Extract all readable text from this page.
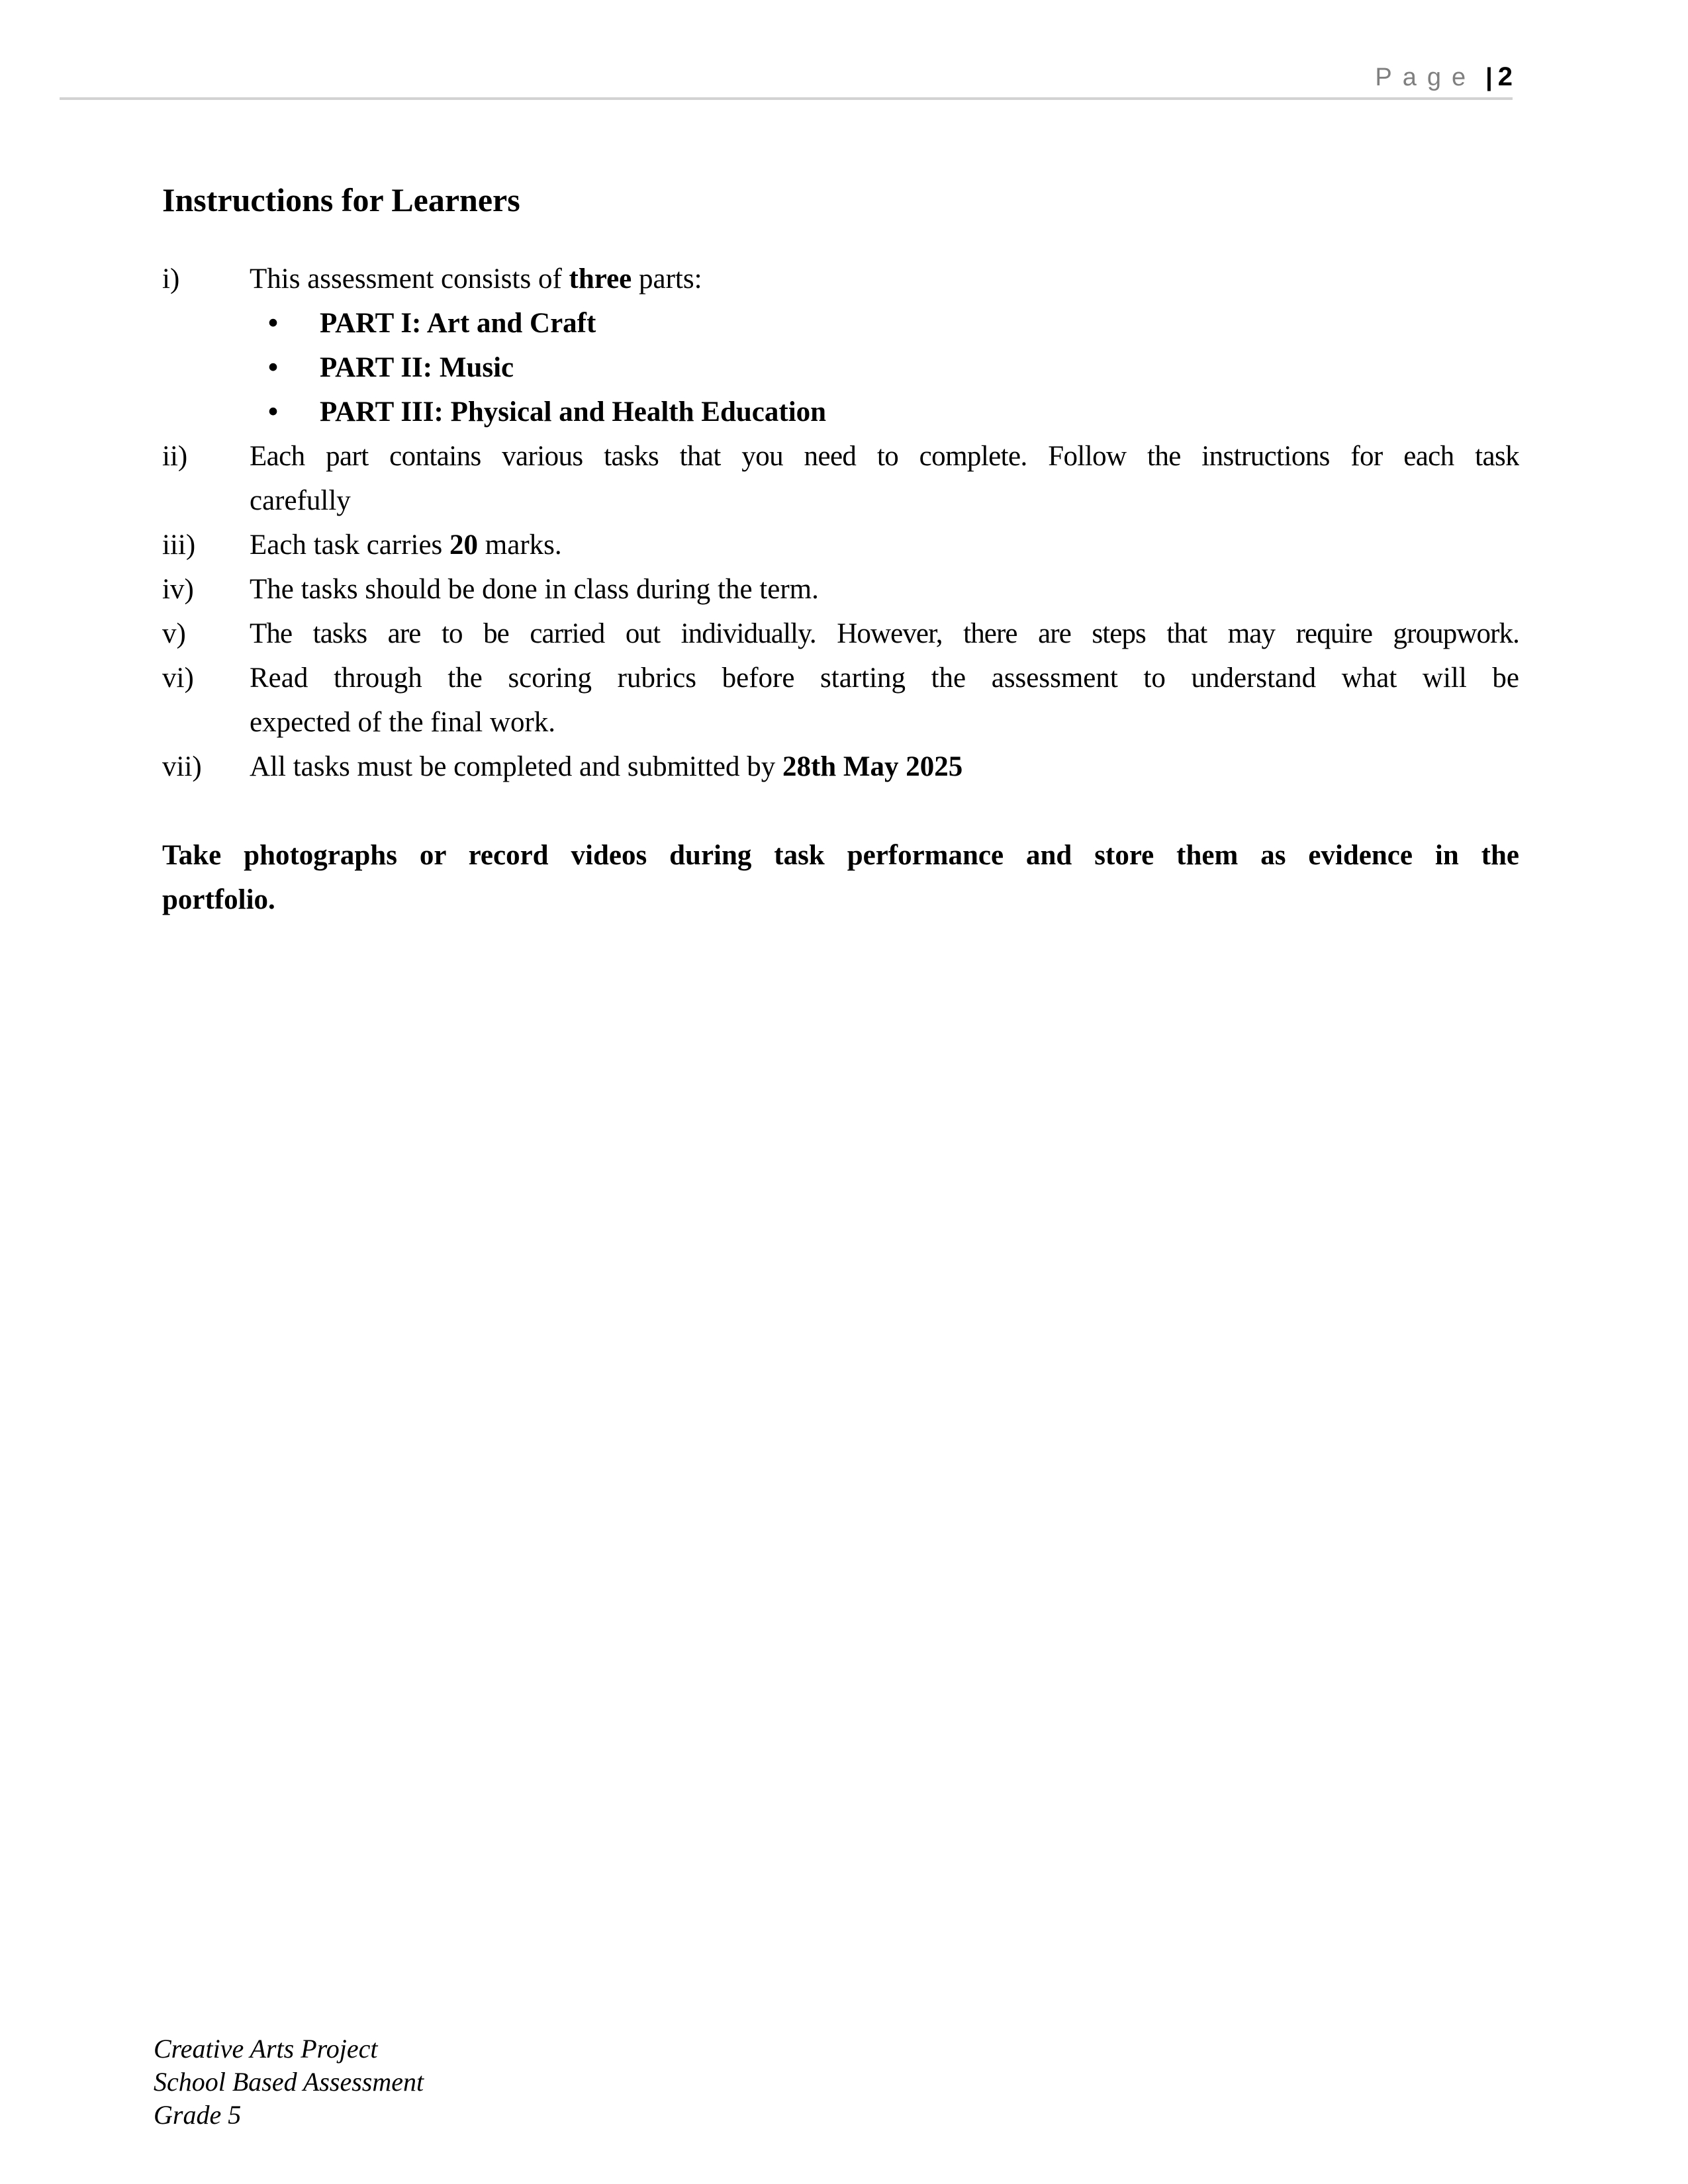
Page | 2
Instructions for Learners
i) This assessment consists of three parts:
• PART I: Art and Craft
• PART II: Music
• PART III: Physical and Health Education
ii) Each part contains various tasks that you need to complete. Follow the instructions for each task
carefully
iii) Each task carries 20 marks.
iv) The tasks should be done in class during the term.
v) The tasks are to be carried out individually. However, there are steps that may require groupwork.
vi) Read through the scoring rubrics before starting the assessment to understand what will be
expected of the final work.
vii) All tasks must be completed and submitted by 28th May 2025
Take photographs or record videos during task performance and store them as evidence in the
portfolio.
Creative Arts Project
School Based Assessment
Grade 5
